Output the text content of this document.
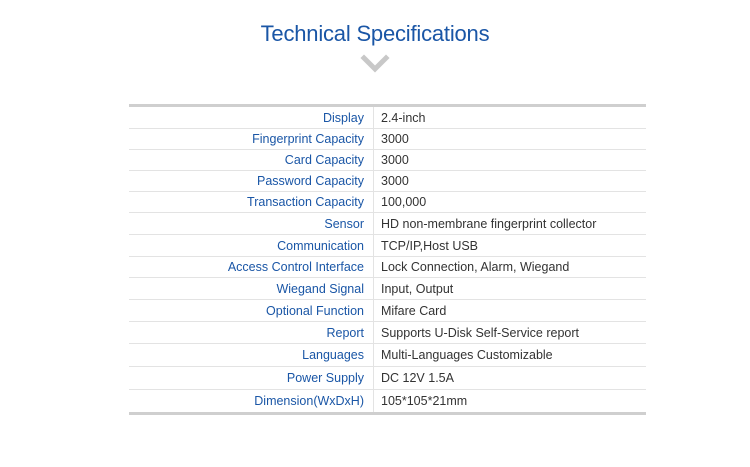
Technical Specifications
Display	2.4-inch
Fingerprint Capacity	3000
Card Capacity	3000
Password Capacity	3000
Transaction Capacity	100,000
Sensor	HD non-membrane fingerprint collector
Communication	TCP/IP,Host USB
Access Control Interface	Lock Connection, Alarm, Wiegand
Wiegand Signal	Input, Output
Optional Function	Mifare Card
Report	Supports U-Disk Self-Service report
Languages	Multi-Languages Customizable
Power Supply	DC 12V 1.5A
Dimension(WxDxH)	105*105*21mm
